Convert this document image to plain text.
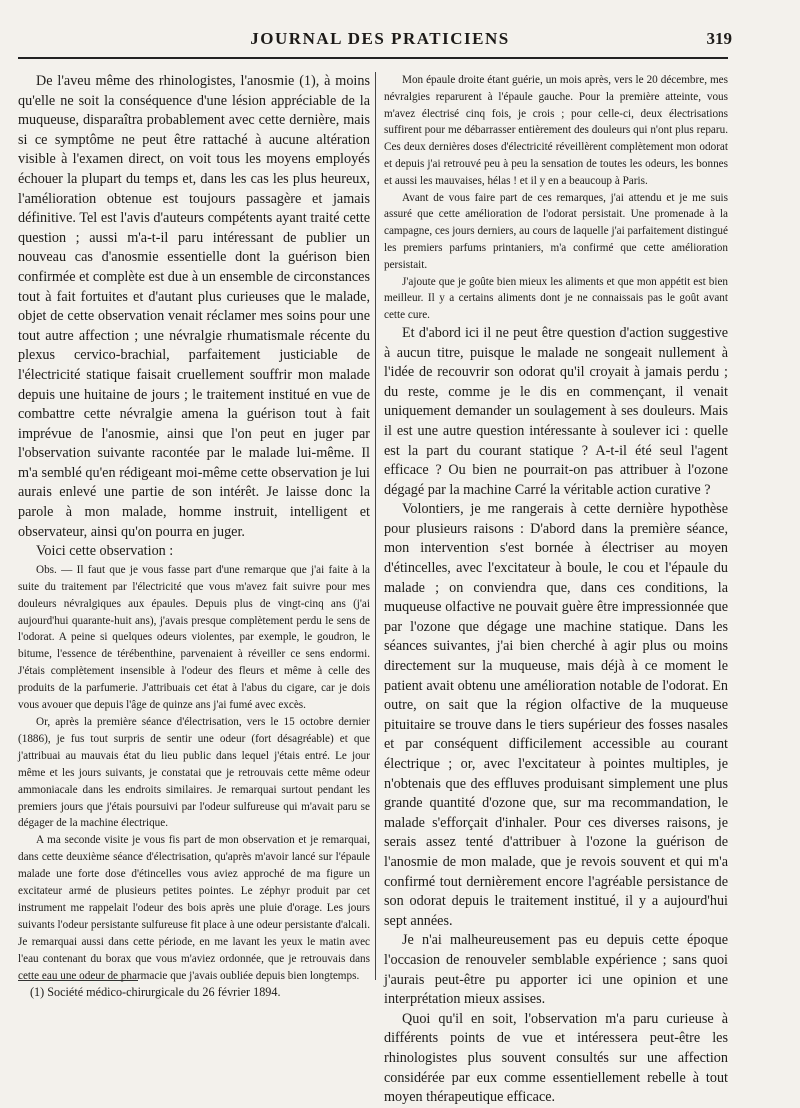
JOURNAL DES PRATICIENS	319

De l'aveu même des rhinologistes, l'anosmie (1), à moins qu'elle ne soit la conséquence d'une lésion appréciable de la muqueuse, disparaîtra probablement avec cette dernière, mais si ce symptôme ne peut être rattaché à aucune altération visible à l'examen direct, on voit tous les moyens employés échouer la plupart du temps et, dans les cas les plus heureux, l'amélioration obtenue est toujours passagère et jamais définitive. Tel est l'avis d'auteurs compétents ayant traité cette question ; aussi m'a-t-il paru intéressant de publier un nouveau cas d'anosmie essentielle dont la guérison bien confirmée et complète est due à un ensemble de circonstances tout à fait fortuites et d'autant plus curieuses que le malade, objet de cette observation venait réclamer mes soins pour une tout autre affection ; une névralgie rhumatismale récente du plexus cervico-brachial, parfaitement justiciable de l'électricité statique faisait cruellement souffrir mon malade depuis une huitaine de jours ; le traitement institué en vue de combattre cette névralgie amena la guérison tout à fait imprévue de l'anosmie, ainsi que l'on peut en juger par l'observation suivante racontée par le malade lui-même. Il m'a semblé qu'en rédigeant moi-même cette observation je lui aurais enlevé une partie de son intérêt. Je laisse donc la parole à mon malade, homme instruit, intelligent et observateur, ainsi qu'on pourra en juger.

Voici cette observation :

Obs. — Il faut que je vous fasse part d'une remarque que j'ai faite à la suite du traitement par l'électricité que vous m'avez fait suivre pour mes douleurs névralgiques aux épaules. Depuis plus de vingt-cinq ans (j'ai aujourd'hui quarante-huit ans), j'avais presque complètement perdu le sens de l'odorat. A peine si quelques odeurs violentes, par exemple, le goudron, le bitume, l'essence de térébenthine, parvenaient à réveiller ce sens endormi. J'étais complètement insensible à l'odeur des fleurs et même à celle des produits de la parfumerie. J'attribuais cet état à l'abus du cigare, car je dois vous avouer que depuis l'âge de quinze ans j'ai fumé avec excès.

Or, après la première séance d'électrisation, vers le 15 octobre dernier (1886), je fus tout surpris de sentir une odeur (fort désagréable) et que j'attribuai au mauvais état du lieu public dans lequel j'étais entré. Le jour même et les jours suivants, je constatai que je retrouvais cette même odeur ammoniacale dans les endroits similaires. Je remarquai surtout pendant les premiers jours que j'étais poursuivi par l'odeur sulfureuse qui m'avait paru se dégager de la machine électrique.

A ma seconde visite je vous fis part de mon observation et je remarquai, dans cette deuxième séance d'électrisation, qu'après m'avoir lancé sur l'épaule malade une forte dose d'étincelles vous aviez approché de ma figure un excitateur armé de plusieurs petites pointes. Le zéphyr produit par cet instrument me rappelait l'odeur des bois après une pluie d'orage. Les jours suivants l'odeur persistante sulfureuse fit place à une odeur persistante d'alcali. Je remarquai aussi dans cette période, en me lavant les yeux le matin avec l'eau contenant du borax que vous m'aviez ordonnée, que je retrouvais dans cette eau une odeur de pharmacie que j'avais oubliée depuis bien longtemps.

Mon épaule droite étant guérie, un mois après, vers le 20 décembre, mes névralgies reparurent à l'épaule gauche. Pour la première atteinte, vous m'avez électrisé cinq fois, je crois ; pour celle-ci, deux électrisations suffirent pour me débarrasser entièrement des douleurs qui n'ont plus reparu. Ces deux dernières doses d'électricité réveillèrent complètement mon odorat et depuis j'ai retrouvé peu à peu la sensation de toutes les odeurs, les bonnes et aussi les mauvaises, hélas ! et il y en a beaucoup à Paris.

Avant de vous faire part de ces remarques, j'ai attendu et je me suis assuré que cette amélioration de l'odorat persistait. Une promenade à la campagne, ces jours derniers, au cours de laquelle j'ai parfaitement distingué les premiers parfums printaniers, m'a confirmé que cette amélioration persistait.

J'ajoute que je goûte bien mieux les aliments et que mon appétit est bien meilleur. Il y a certains aliments dont je ne connaissais pas le goût avant cette cure.

Et d'abord ici il ne peut être question d'action suggestive à aucun titre, puisque le malade ne songeait nullement à l'idée de recouvrir son odorat qu'il croyait à jamais perdu ; du reste, comme je le dis en commençant, il venait uniquement demander un soulagement à ses douleurs. Mais il est une autre question intéressante à soulever ici : quelle est la part du courant statique ? A-t-il été seul l'agent efficace ? Ou bien ne pourrait-on pas attribuer à l'ozone dégagé par la machine Carré la véritable action curative ?

Volontiers, je me rangerais à cette dernière hypothèse pour plusieurs raisons : D'abord dans la première séance, mon intervention s'est bornée à électriser au moyen d'étincelles, avec l'excitateur à boule, le cou et l'épaule du malade ; on conviendra que, dans ces conditions, la muqueuse olfactive ne pouvait guère être impressionnée que par l'ozone que dégage une machine statique. Dans les séances suivantes, j'ai bien cherché à agir plus ou moins directement sur la muqueuse, mais déjà à ce moment le patient avait obtenu une amélioration notable de l'odorat. En outre, on sait que la région olfactive de la muqueuse pituitaire se trouve dans le tiers supérieur des fosses nasales et par conséquent difficilement accessible au courant électrique ; or, avec l'excitateur à pointes multiples, je n'obtenais que des effluves produisant simplement une plus grande quantité d'ozone que, sur ma recommandation, le malade s'efforçait d'inhaler. Pour ces diverses raisons, je serais assez tenté d'attribuer à l'ozone la guérison de l'anosmie de mon malade, que je revois souvent et qui m'a confirmé tout dernièrement encore l'agréable persistance de son odorat depuis le traitement institué, il y a aujourd'hui sept années.

Je n'ai malheureusement pas eu depuis cette époque l'occasion de renouveler semblable expérience ; sans quoi j'aurais peut-être pu apporter ici une opinion et une interprétation mieux assises.

Quoi qu'il en soit, l'observation m'a paru curieuse à différents points de vue et intéressera peut-être les rhinologistes plus souvent consultés sur une affection considérée par eux comme essentiellement rebelle à tout moyen thérapeutique efficace.

(1) Société médico-chirurgicale du 26 février 1894.
